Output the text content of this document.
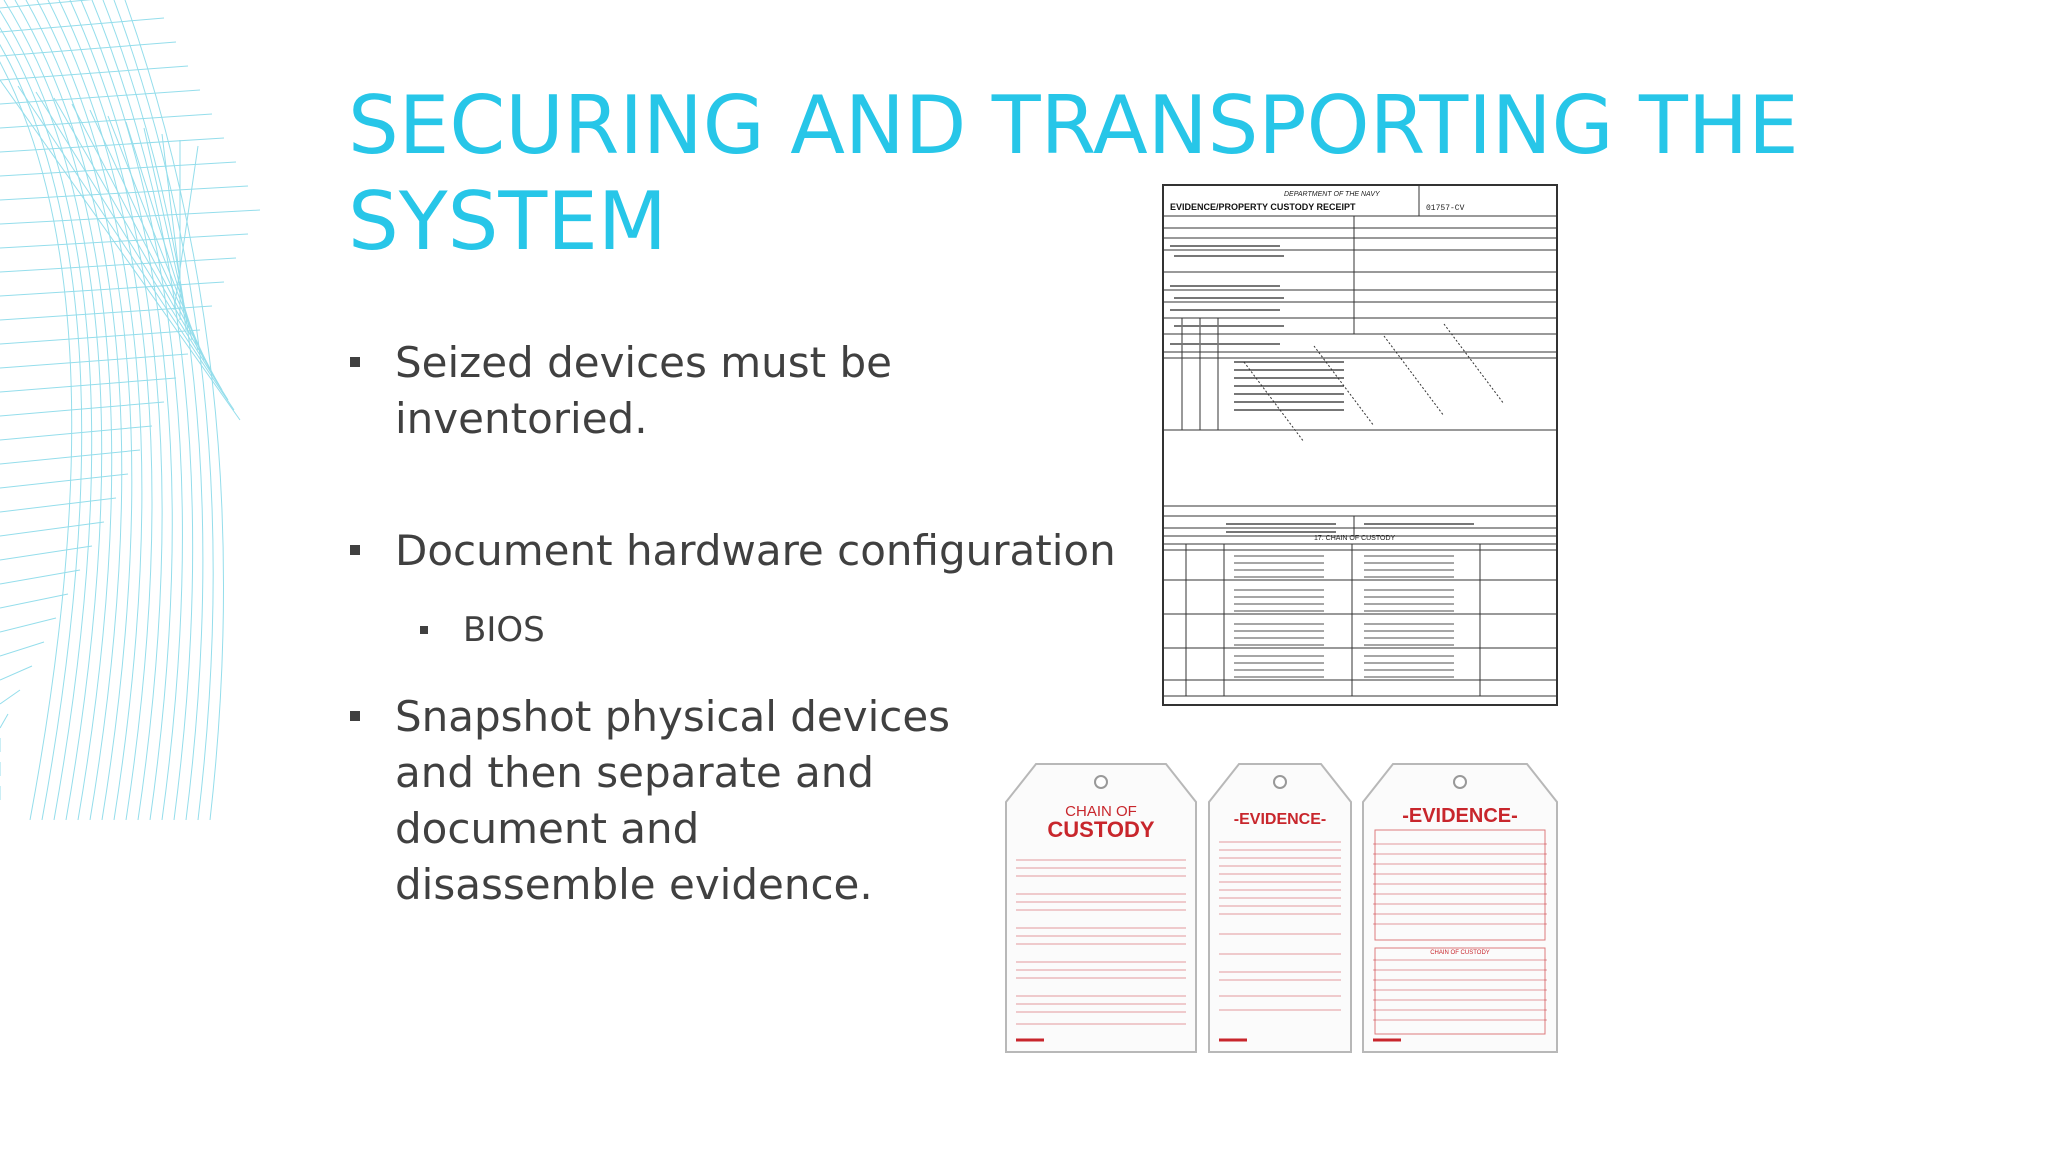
SECURING AND TRANSPORTING THE SYSTEM
Seized devices must be inventoried.
Document hardware configuration
BIOS
Snapshot physical devices and then separate and document and disassemble evidence.
DEPARTMENT OF THE NAVY
EVIDENCE/PROPERTY CUSTODY RECEIPT	01757-CV
17. CHAIN OF CUSTODY
CHAIN OF
CUSTODY	-EVIDENCE-	-EVIDENCE-
CHAIN OF CUSTODY
